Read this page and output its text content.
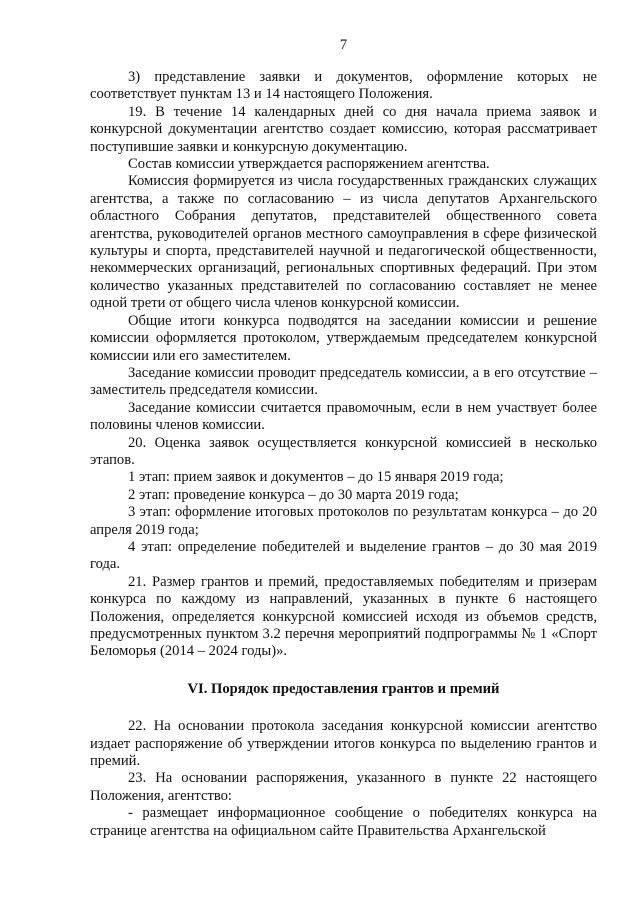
7

3) представление заявки и документов, оформление которых не соответствует пунктам 13 и 14 настоящего Положения.

19. В течение 14 календарных дней со дня начала приема заявок и конкурсной документации агентство создает комиссию, которая рассматривает поступившие заявки и конкурсную документацию.

Состав комиссии утверждается распоряжением агентства.

Комиссия формируется из числа государственных гражданских служащих агентства, а также по согласованию – из числа депутатов Архангельского областного Собрания депутатов, представителей общественного совета агентства, руководителей органов местного самоуправления в сфере физической культуры и спорта, представителей научной и педагогической общественности, некоммерческих организаций, региональных спортивных федераций. При этом количество указанных представителей по согласованию составляет не менее одной трети от общего числа членов конкурсной комиссии.

Общие итоги конкурса подводятся на заседании комиссии и решение комиссии оформляется протоколом, утверждаемым председателем конкурсной комиссии или его заместителем.

Заседание комиссии проводит председатель комиссии, а в его отсутствие – заместитель председателя комиссии.

Заседание комиссии считается правомочным, если в нем участвует более половины членов комиссии.

20. Оценка заявок осуществляется конкурсной комиссией в несколько этапов.

1 этап: прием заявок и документов – до 15 января 2019 года;

2 этап: проведение конкурса – до 30 марта 2019 года;

3 этап: оформление итоговых протоколов по результатам конкурса – до 20 апреля 2019 года;

4 этап: определение победителей и выделение грантов – до 30 мая 2019 года.

21. Размер грантов и премий, предоставляемых победителям и призерам конкурса по каждому из направлений, указанных в пункте 6 настоящего Положения, определяется конкурсной комиссией исходя из объемов средств, предусмотренных пунктом 3.2 перечня мероприятий подпрограммы № 1 «Спорт Беломорья (2014 – 2024 годы)».

VI. Порядок предоставления грантов и премий

22. На основании протокола заседания конкурсной комиссии агентство издает распоряжение об утверждении итогов конкурса по выделению грантов и премий.

23. На основании распоряжения, указанного в пункте 22 настоящего Положения, агентство:

- размещает информационное сообщение о победителях конкурса на странице агентства на официальном сайте Правительства Архангельской
